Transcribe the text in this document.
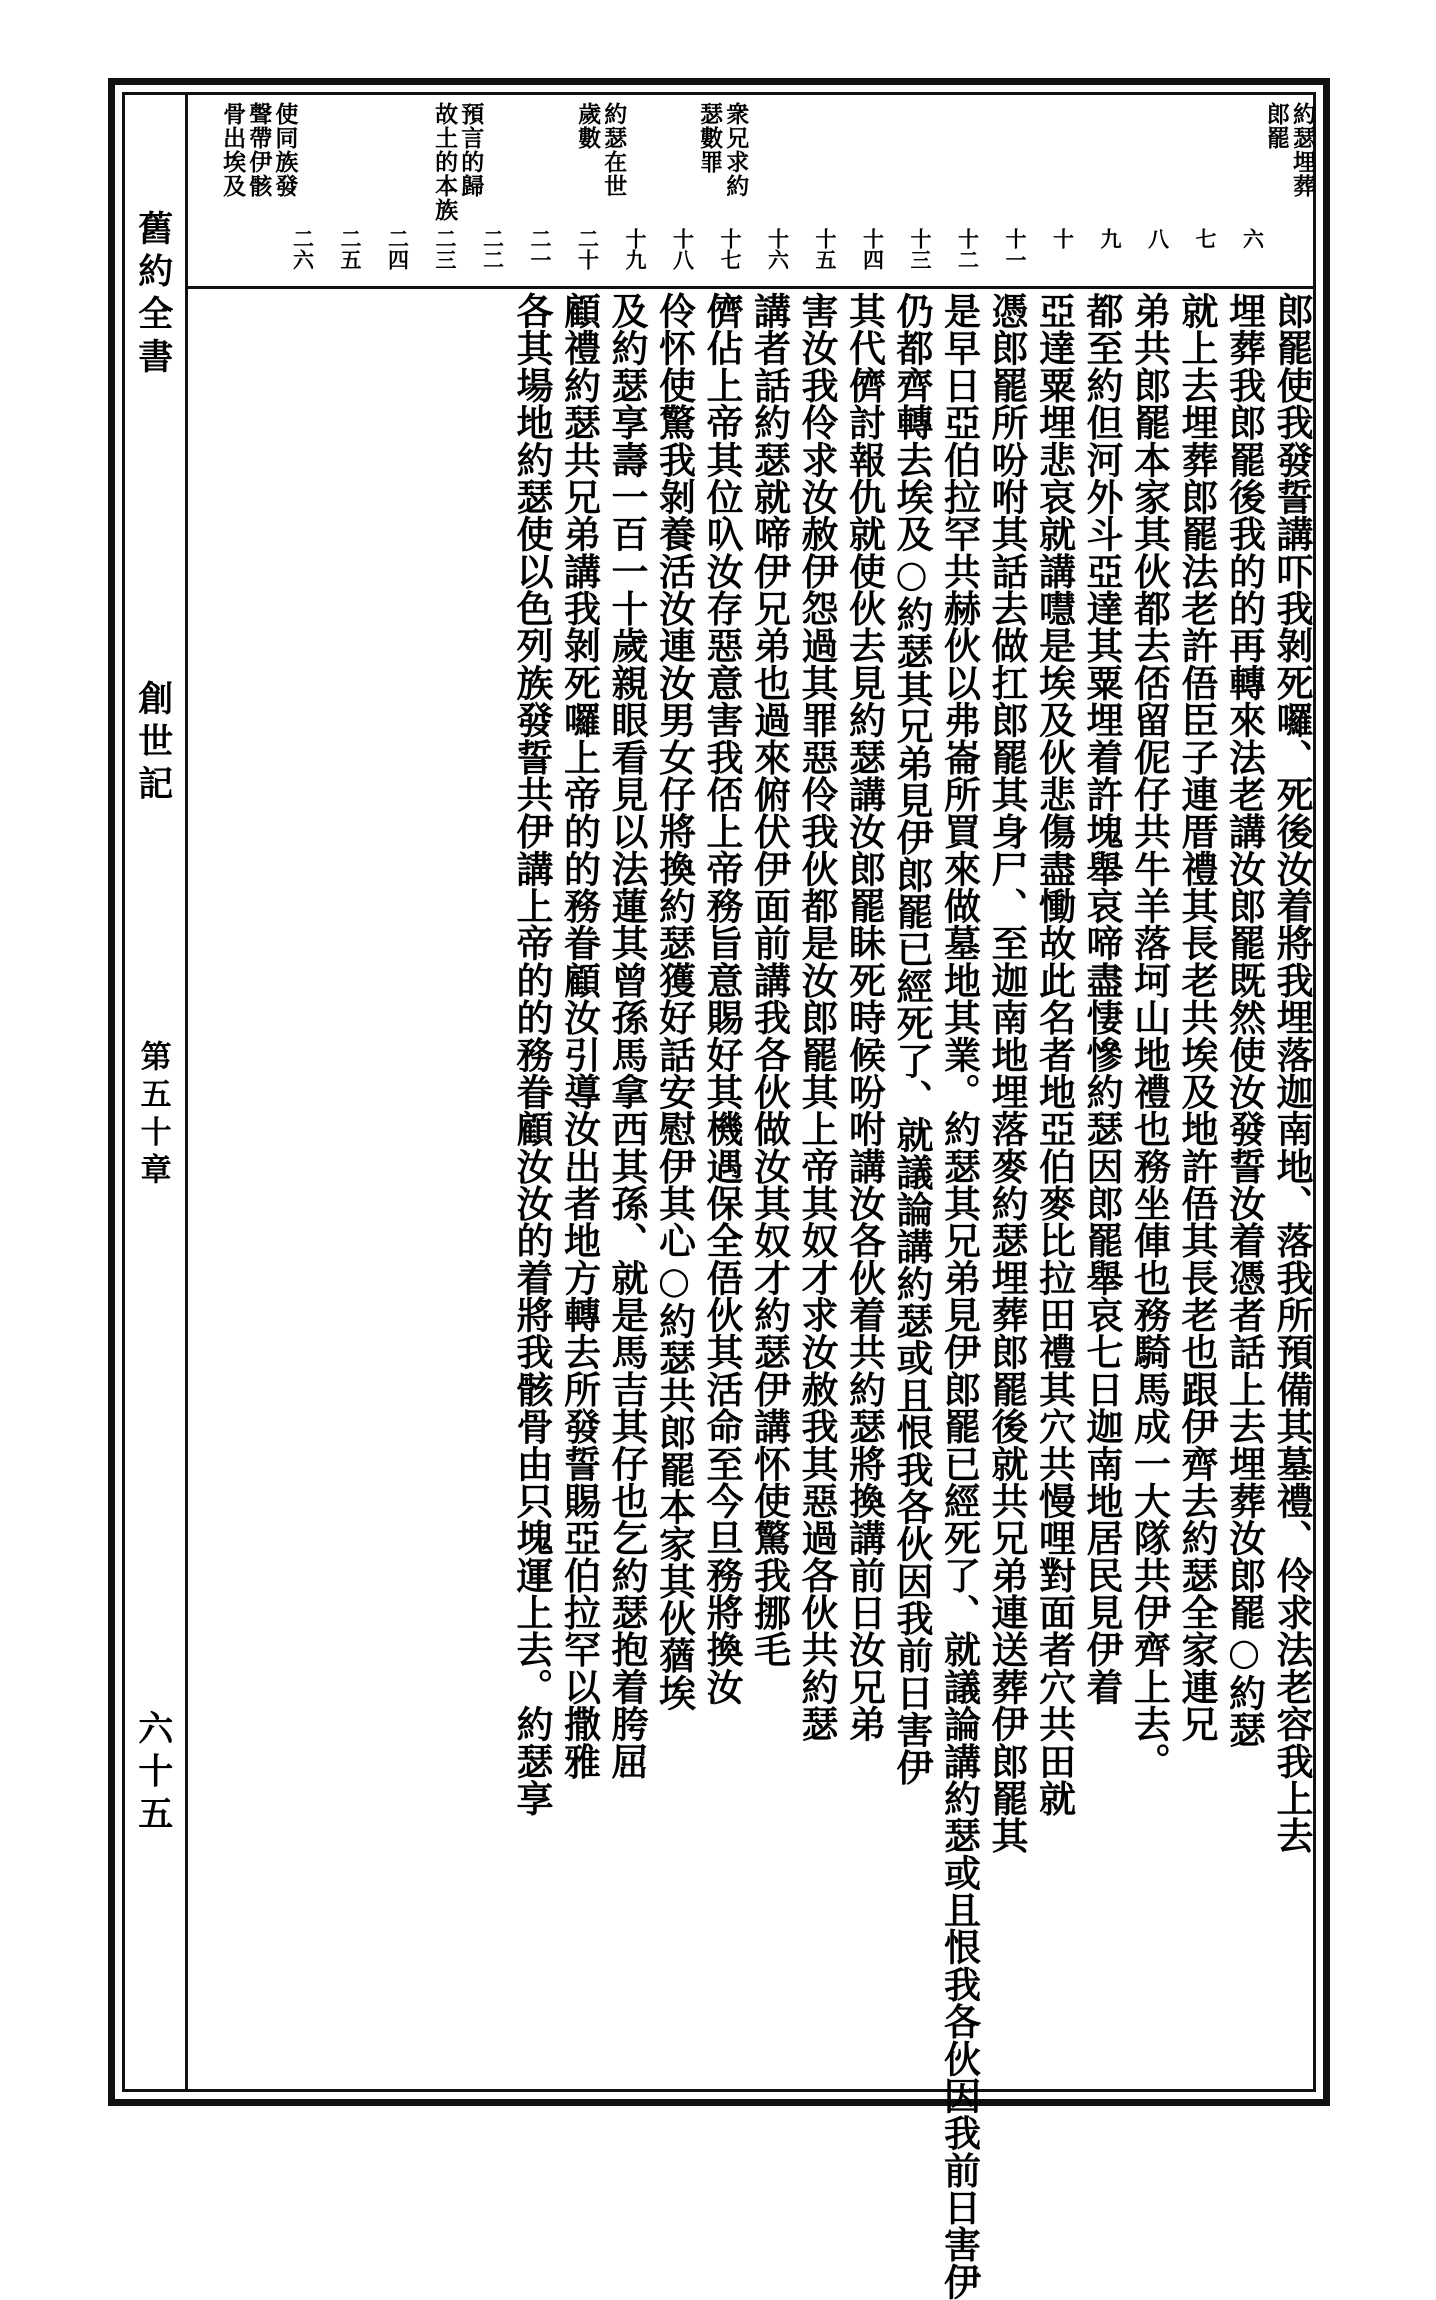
舊約全書
創世記
第五十章
六十五
約瑟埋葬
郎罷
衆兄求約
瑟數罪
約瑟在世
歲數
預言的歸
故土的本族
使同族發
聲帶伊骸
骨出埃及
六
七
八
九
十
十一
十二
十三
十四
十五
十六
十七
十八
十九
二十
二一
二二
二三
二四
二五
二六
郎罷使我發誓講吓我剝死囉、死後汝着將我埋落迦南地、落我所預備其墓禮、伶求法老容我上去
埋葬我郎罷後我的的再轉來法老講汝郎罷既然使汝發誓汝着憑者話上去埋葬汝郎罷○約瑟
就上去埋葬郎罷法老許俉臣子連厝禮其長老共埃及地許俉其長老也跟伊齊去約瑟全家連兄
弟共郎罷本家其伙都去俖留伲仔共牛羊落坷山地禮也務坐俥也務騎馬成一大隊共伊齊上去。
都至約但河外斗亞達其粟埋着許塊舉哀啼盡悽慘約瑟因郎罷舉哀七日迦南地居民見伊着
亞達粟埋悲哀就講嚖是埃及伙悲傷盡慟故此名者地亞伯麥比拉田禮其穴共慢哩對面者穴共田就
憑郎罷所吩咐其話去做扛郎罷其身尸、至迦南地埋落麥約瑟埋葬郎罷後就共兄弟連送葬伊郎罷其
是早日亞伯拉罕共赫伙以弗崙所買來做墓地其業。約瑟其兄弟見伊郎罷已經死了、就議論講約瑟或且恨我各伙因我前日害伊
仍都齊轉去埃及○約瑟其兄弟見伊郎罷已經死了、就議論講約瑟或且恨我各伙因我前日害伊
其代儕討報仇就使伙去見約瑟講汝郎罷眛死時候吩咐講汝各伙着共約瑟將換講前日汝兄弟
害汝我伶求汝赦伊怨過其罪惡伶我伙都是汝郎罷其上帝其奴才求汝赦我其惡過各伙共約瑟
講者話約瑟就啼伊兄弟也過來俯伏伊面前講我各伙做汝其奴才約瑟伊講怀使驚我挪毛
儕佔上帝其位叺汝存惡意害我俖上帝務旨意賜好其機遇保全俉伙其活命至今旦務將換汝
伶怀使驚我剝養活汝連汝男女仔將換約瑟獲好話安慰伊其心○約瑟共郎罷本家其伙蕕埃
及約瑟享壽一百一十歲親眼看見以法蓮其曾孫馬拿西其孫、就是馬吉其仔也乞約瑟抱着胯屈
顧禮約瑟共兄弟講我剝死囉上帝的的務眷顧汝引導汝出者地方轉去所發誓賜亞伯拉罕以撒雅
各其場地約瑟使以色列族發誓共伊講上帝的的務眷顧汝汝的着將我骸骨由只塊運上去。約瑟享
